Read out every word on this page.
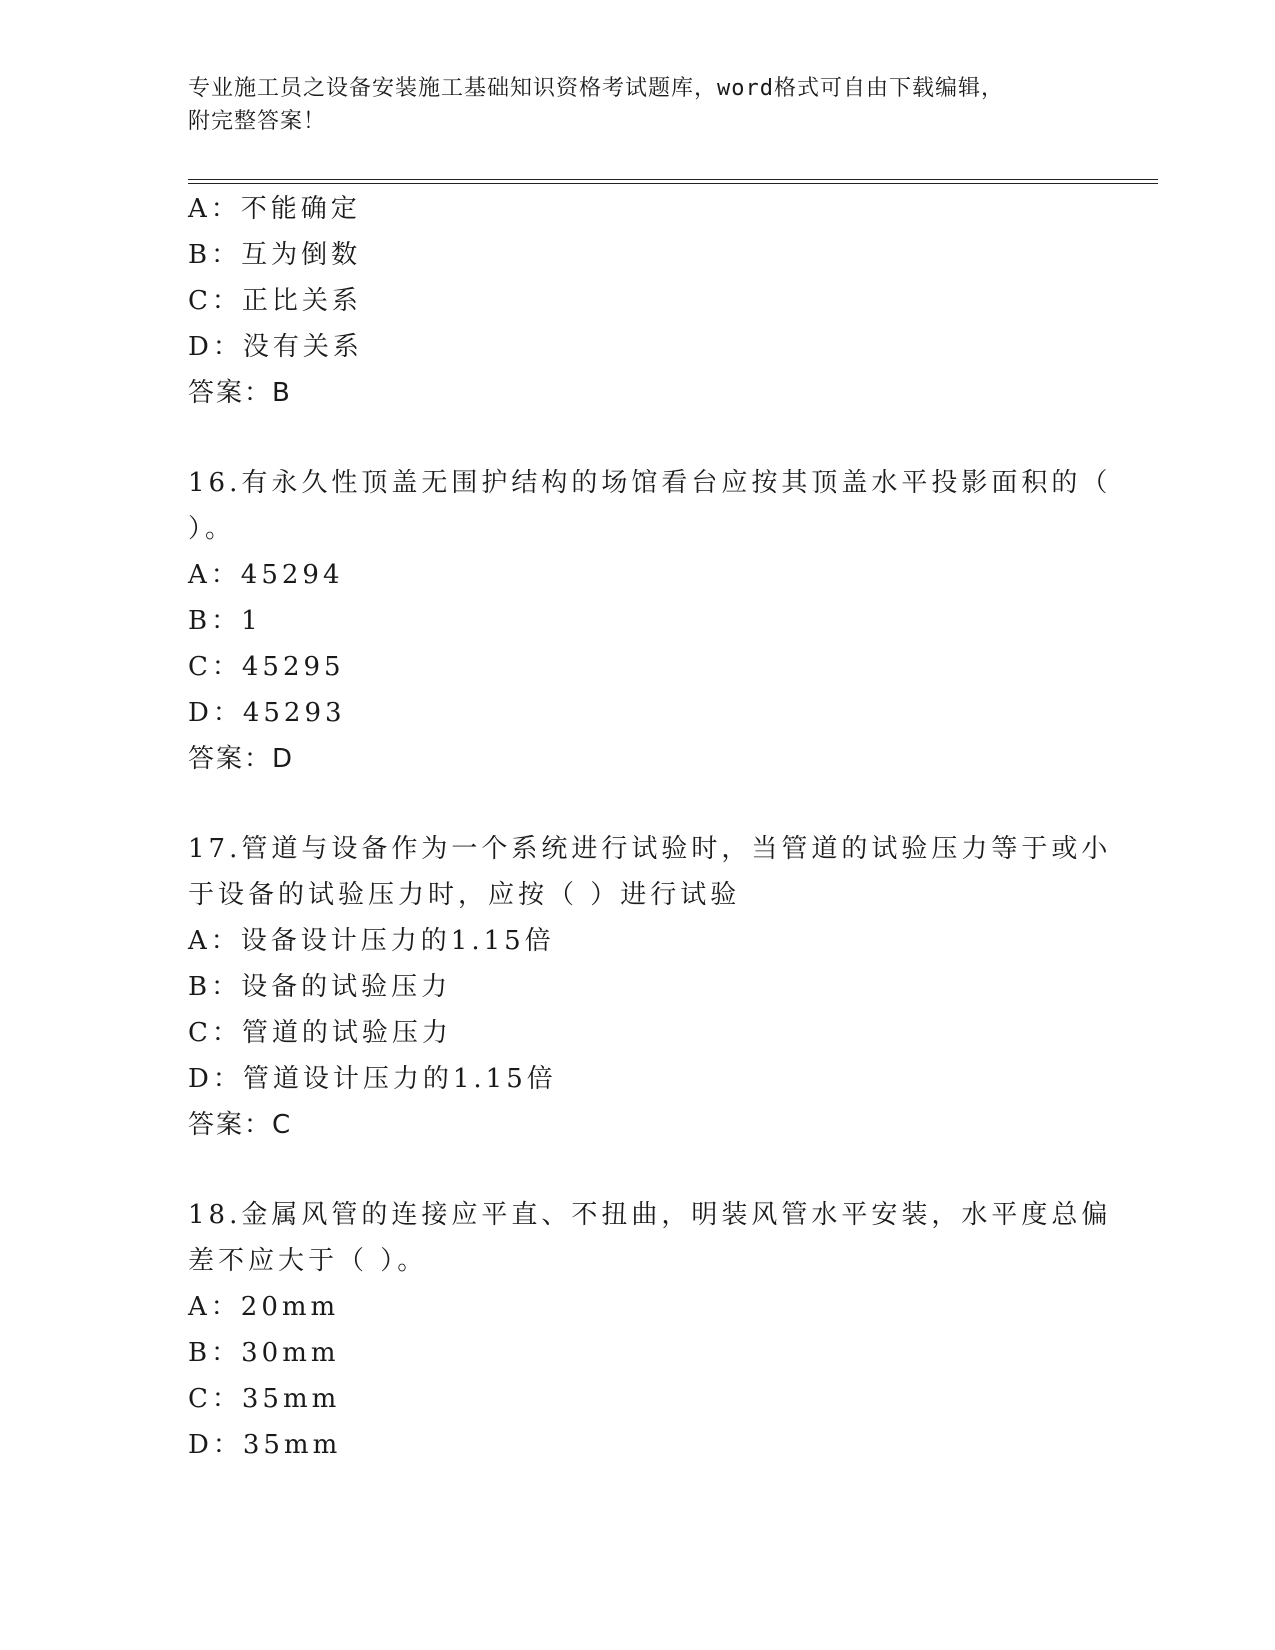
专业施工员之设备安装施工基础知识资格考试题库，word格式可自由下载编辑，
附完整答案！
A：不能确定
B：互为倒数
C：正比关系
D：没有关系
答案：B
16.有永久性顶盖无围护结构的场馆看台应按其顶盖水平投影面积的（
）。
A：45294
B：1
C：45295
D：45293
答案：D
17.管道与设备作为一个系统进行试验时，当管道的试验压力等于或小
于设备的试验压力时，应按（ ）进行试验
A：设备设计压力的1.15倍
B：设备的试验压力
C：管道的试验压力
D：管道设计压力的1.15倍
答案：C
18.金属风管的连接应平直、不扭曲，明装风管水平安装，水平度总偏
差不应大于（ ）。
A：20mm
B：30mm
C：35mm
D：35mm
